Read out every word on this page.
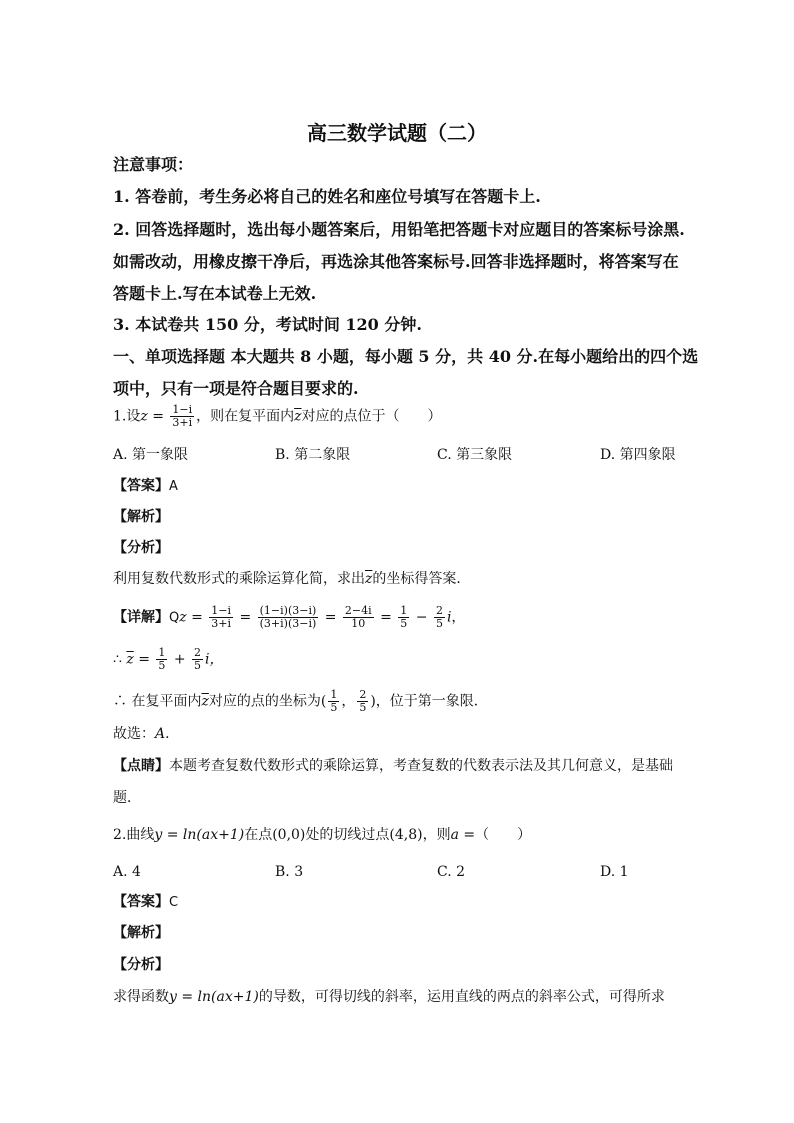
高三数学试题（二）
注意事项：
1. 答卷前，考生务必将自己的姓名和座位号填写在答题卡上.
2. 回答选择题时，选出每小题答案后，用铅笔把答题卡对应题目的答案标号涂黑.
如需改动，用橡皮擦干净后，再选涂其他答案标号.回答非选择题时，将答案写在
答题卡上.写在本试卷上无效.
3. 本试卷共 150 分，考试时间 120 分钟.
一、单项选择题 本大题共 8 小题，每小题 5 分，共 40 分.在每小题给出的四个选
项中，只有一项是符合题目要求的.
1.设$z = \frac{1-i}{3+i}$ ，则在复平面内$\overline{z}$对应的点位于（　　）
A. 第一象限	B. 第二象限	C. 第三象限	D. 第四象限
【答案】A
【解析】
【分析】
利用复数代数形式的乘除运算化简，求出$\overline{z}$的坐标得答案．
【详解】$Qz = \frac{1-i}{3+i} = \frac{(1-i)(3-i)}{(3+i)(3-i)} = \frac{2-4i}{10} = \frac{1}{5} - \frac{2}{5}$ i，
∴ $\overline{z} = \frac{1}{5} + \frac{2}{5}$ i，
∴ 在复平面内$\overline{z}$对应的点的坐标为( $\frac{1}{5}$ ， $\frac{2}{5}$ )，位于第一象限．
故选：A．
【点睛】本题考查复数代数形式的乘除运算，考查复数的代数表示法及其几何意义，是基础
题．
2.曲线y = ln(ax+1)在点(0,0)处的切线过点(4,8)，则a =（　　）
A. 4	B. 3	C. 2	D. 1
【答案】C
【解析】
【分析】
求得函数y = ln(ax+1)的导数，可得切线的斜率，运用直线的两点的斜率公式，可得所求
